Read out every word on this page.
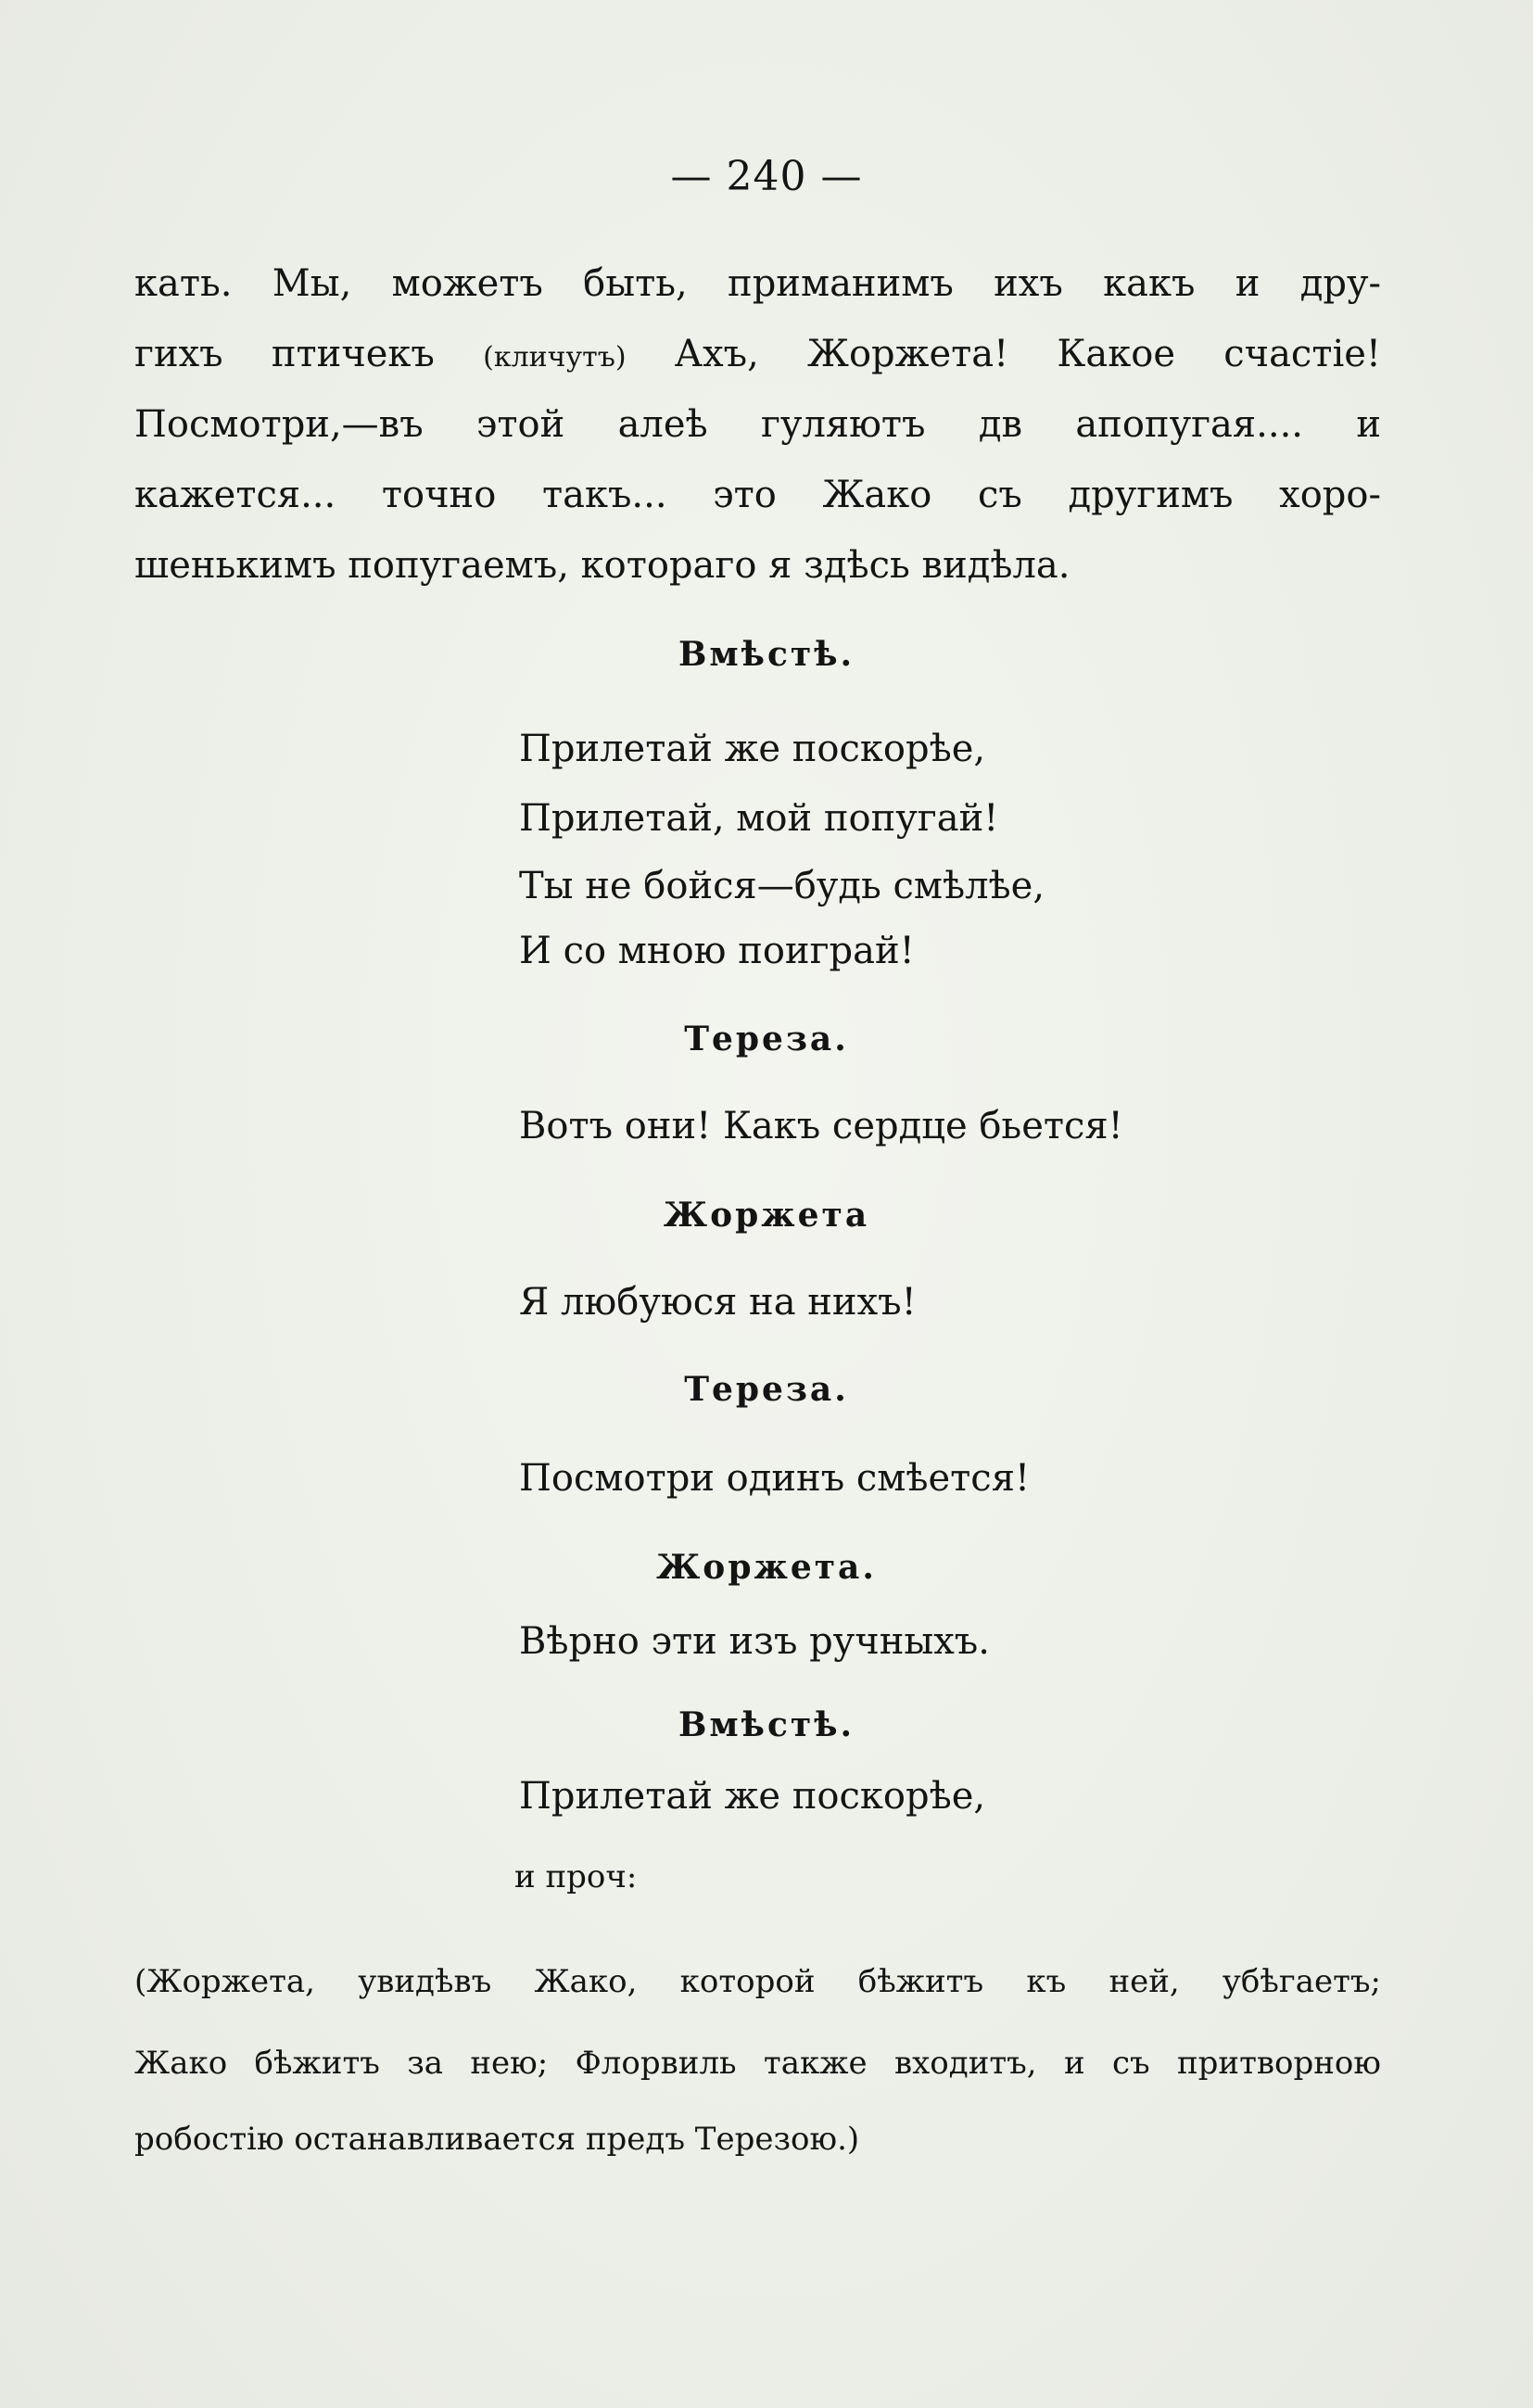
— 240 —
кать. Мы, можетъ быть, приманимъ ихъ какъ и дру-
гихъ птичекъ (кличутъ) Ахъ, Жоржета! Какое счастіе!
Посмотри,—въ этой алеѣ гуляютъ дв апопугая.... и
кажется... точно такъ... это Жако съ другимъ хоро-
шенькимъ попугаемъ, котораго я здѣсь видѣла.
Вмѣстѣ.
Прилетай же поскорѣе,
Прилетай, мой попугай!
Ты не бойся—будь смѣлѣе,
И со мною поиграй!
Тереза.
Вотъ они! Какъ сердце бьется!
Жоржета
Я любуюся на нихъ!
Тереза.
Посмотри одинъ смѣется!
Жоржета.
Вѣрно эти изъ ручныхъ.
Вмѣстѣ.
Прилетай же поскорѣе,
и проч:
(Жоржета, увидѣвъ Жако, которой бѣжитъ къ ней, убѣгаетъ;
Жако бѣжитъ за нею; Флорвиль также входитъ, и съ притворною
робостію останавливается предъ Терезою.)
